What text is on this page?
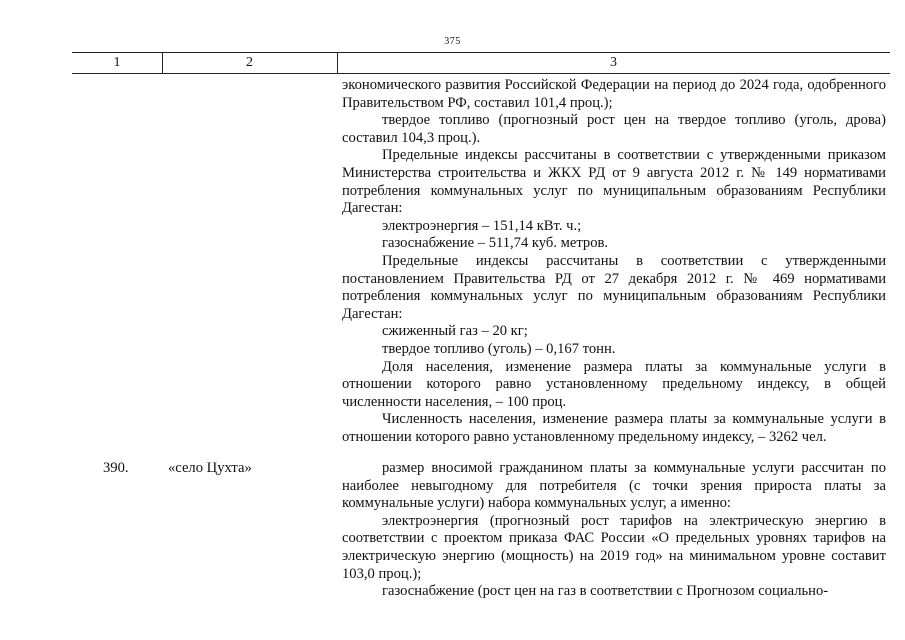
375
1	2	3

экономического развития Российской Федерации на период до 2024 года, одобренного Правительством РФ, составил 101,4 проц.);

твердое топливо (прогнозный рост цен на твердое топливо (уголь, дрова) составил 104,3 проц.).

Предельные индексы рассчитаны в соответствии с утвержденными приказом Министерства строительства и ЖКХ РД от 9 августа 2012 г. № 149 нормативами потребления коммунальных услуг по муниципальным образованиям Республики Дагестан:

электроэнергия – 151,14 кВт. ч.;

газоснабжение – 511,74 куб. метров.

Предельные индексы рассчитаны в соответствии с утвержденными постановлением Правительства РД от 27 декабря 2012 г. № 469 нормативами потребления коммунальных услуг по муниципальным образованиям Республики Дагестан:

сжиженный газ – 20 кг;

твердое топливо (уголь) – 0,167 тонн.

Доля населения, изменение размера платы за коммунальные услуги в отношении которого равно установленному предельному индексу, в общей численности населения, – 100 проц.

Численность населения, изменение размера платы за коммунальные услуги в отношении которого равно установленному предельному индексу, – 3262 чел.

390.	«село Цухта»	размер вносимой гражданином платы за коммунальные услуги рассчитан по наиболее невыгодному для потребителя (с точки зрения прироста платы за коммунальные услуги) набора коммунальных услуг, а именно:

электроэнергия (прогнозный рост тарифов на электрическую энергию в соответствии с проектом приказа ФАС России «О предельных уровнях тарифов на электрическую энергию (мощность) на 2019 год» на минимальном уровне составит 103,0 проц.);

газоснабжение (рост цен на газ в соответствии с Прогнозом социально-
